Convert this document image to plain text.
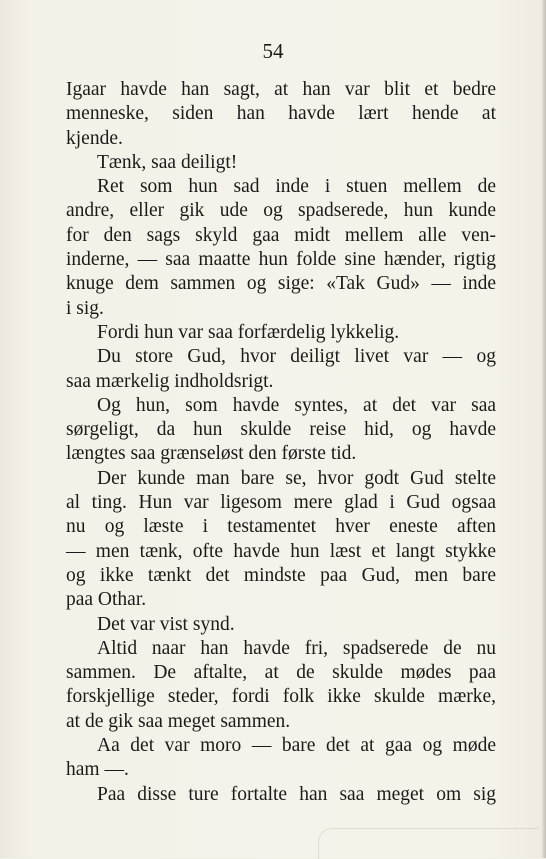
54
Igaar havde han sagt, at han var blit et bedre
menneske, siden han havde lært hende at
kjende.
Tænk, saa deiligt!
Ret som hun sad inde i stuen mellem de
andre, eller gik ude og spadserede, hun kunde
for den sags skyld gaa midt mellem alle ven-
inderne, — saa maatte hun folde sine hænder, rigtig
knuge dem sammen og sige: «Tak Gud» — inde
i sig.
Fordi hun var saa forfærdelig lykkelig.
Du store Gud, hvor deiligt livet var — og
saa mærkelig indholdsrigt.
Og hun, som havde syntes, at det var saa
sørgeligt, da hun skulde reise hid, og havde
længtes saa grænseløst den første tid.
Der kunde man bare se, hvor godt Gud stelte
al ting. Hun var ligesom mere glad i Gud ogsaa
nu og læste i testamentet hver eneste aften
— men tænk, ofte havde hun læst et langt stykke
og ikke tænkt det mindste paa Gud, men bare
paa Othar.
Det var vist synd.
Altid naar han havde fri, spadserede de nu
sammen. De aftalte, at de skulde mødes paa
forskjellige steder, fordi folk ikke skulde mærke,
at de gik saa meget sammen.
Aa det var moro — bare det at gaa og møde
ham —.
Paa disse ture fortalte han saa meget om sig
